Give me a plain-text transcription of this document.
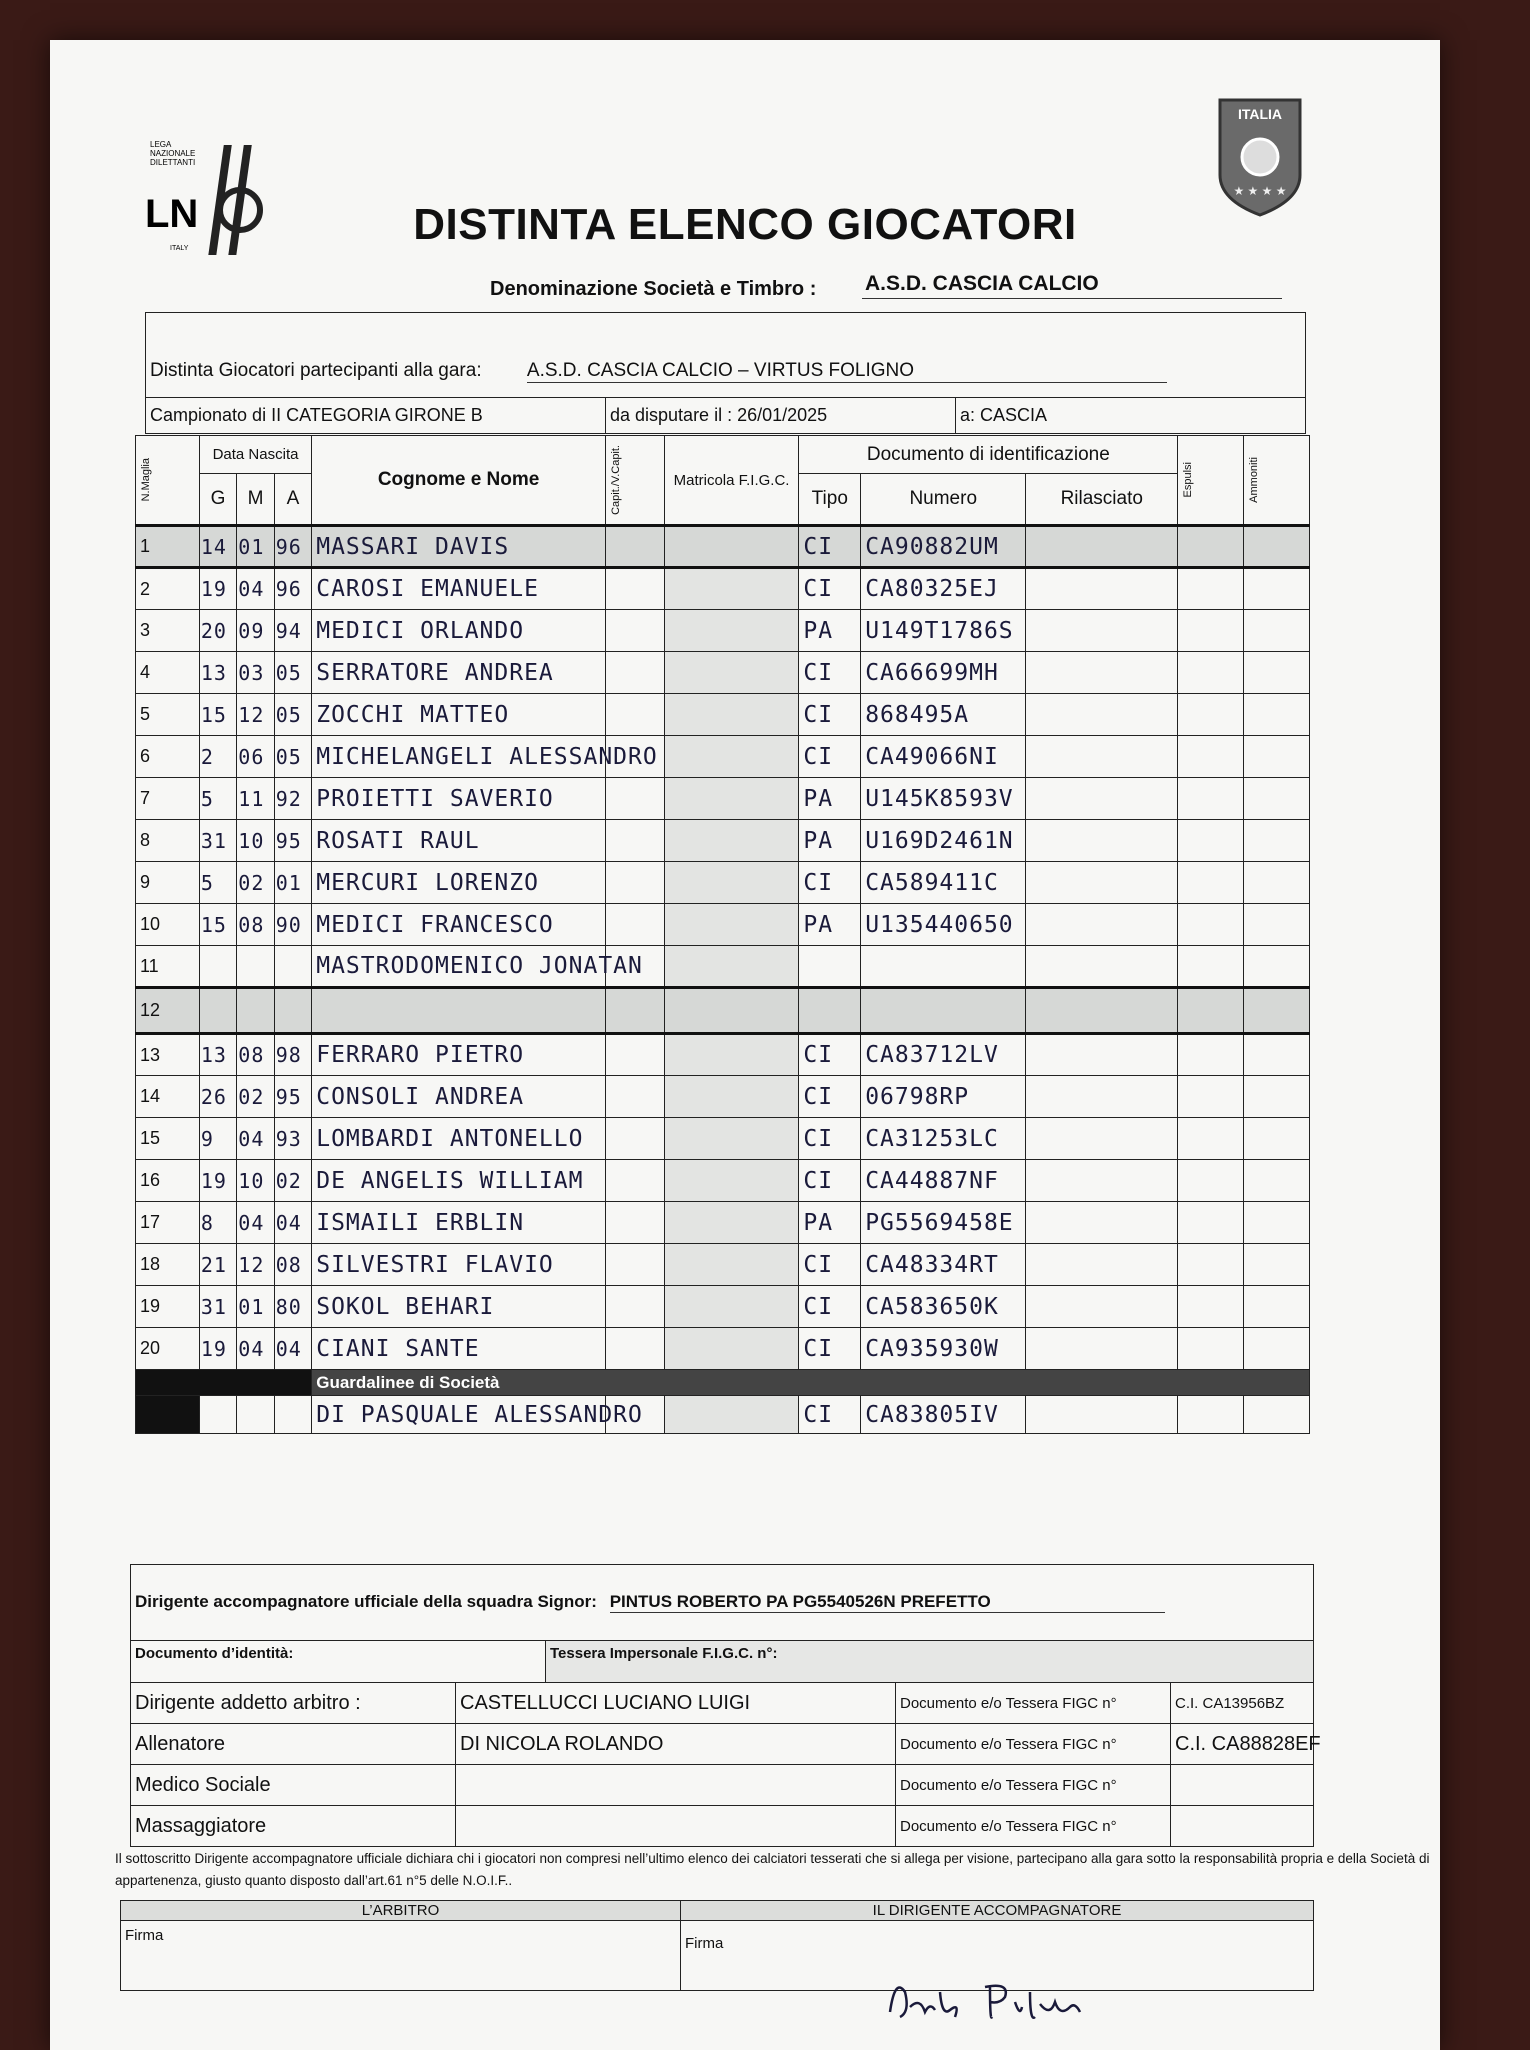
LEGA
NAZIONALE
DILETTANTI
LN
ITALY
ITALIA
★ ★ ★ ★
DISTINTA ELENCO GIOCATORI
Denominazione Società e Timbro : A.S.D. CASCIA CALCIO
Distinta Giocatori partecipanti alla gara: A.S.D. CASCIA CALCIO – VIRTUS FOLIGNO
Campionato di II CATEGORIA GIRONE B	da disputare il : 26/01/2025	a: CASCIA
N.Maglia	Data Nascita			Cognome e Nome	Capit./V.Capit.	Matricola F.I.G.C.	Documento di identificazione			Espulsi	Ammoniti

	G	M	A				Tipo	Numero	Rilasciato		
1	14	01	96	MASSARI DAVIS			CI	CA90882UM			
2	19	04	96	CAROSI EMANUELE			CI	CA80325EJ			
3	20	09	94	MEDICI ORLANDO			PA	U149T1786S			
4	13	03	05	SERRATORE ANDREA			CI	CA66699MH			
5	15	12	05	ZOCCHI MATTEO			CI	868495A			
6	2	06	05	MICHELANGELI ALESSANDRO			CI	CA49066NI			
7	5	11	92	PROIETTI SAVERIO			PA	U145K8593V			
8	31	10	95	ROSATI RAUL			PA	U169D2461N			
9	5	02	01	MERCURI LORENZO			CI	CA589411C			
10	15	08	90	MEDICI FRANCESCO			PA	U135440650			
11				MASTRODOMENICO JONATAN							
12											
13	13	08	98	FERRARO PIETRO			CI	CA83712LV			
14	26	02	95	CONSOLI ANDREA			CI	06798RP			
15	9	04	93	LOMBARDI ANTONELLO			CI	CA31253LC			
16	19	10	02	DE ANGELIS WILLIAM			CI	CA44887NF			
17	8	04	04	ISMAILI ERBLIN			PA	PG5569458E			
18	21	12	08	SILVESTRI FLAVIO			CI	CA48334RT			
19	31	01	80	SOKOL BEHARI			CI	CA583650K			
20	19	04	04	CIANI SANTE			CI	CA935930W			
				Guardalinee di Società							
				DI PASQUALE ALESSANDRO			CI	CA83805IV			
Dirigente accompagnatore ufficiale della squadra Signor: PINTUS ROBERTO PA PG5540526N PREFETTO				
Documento d’identità:		Tessera Impersonale F.I.G.C. n°:		
Dirigente addetto arbitro :	CASTELLUCCI LUCIANO LUIGI		Documento e/o Tessera FIGC n°	C.I. CA13956BZ
Allenatore	DI NICOLA ROLANDO		Documento e/o Tessera FIGC n°	C.I. CA88828EF
Medico Sociale			Documento e/o Tessera FIGC n°	
Massaggiatore			Documento e/o Tessera FIGC n°	
Il sottoscritto Dirigente accompagnatore ufficiale dichiara chi i giocatori non compresi nell’ultimo elenco dei calciatori tesserati che si allega per visione, partecipano alla gara sotto la responsabilità propria e della Società di appartenenza, giusto quanto disposto dall’art.61 n°5 delle N.O.I.F..
L’ARBITRO	IL DIRIGENTE ACCOMPAGNATORE
Firma	Firma
